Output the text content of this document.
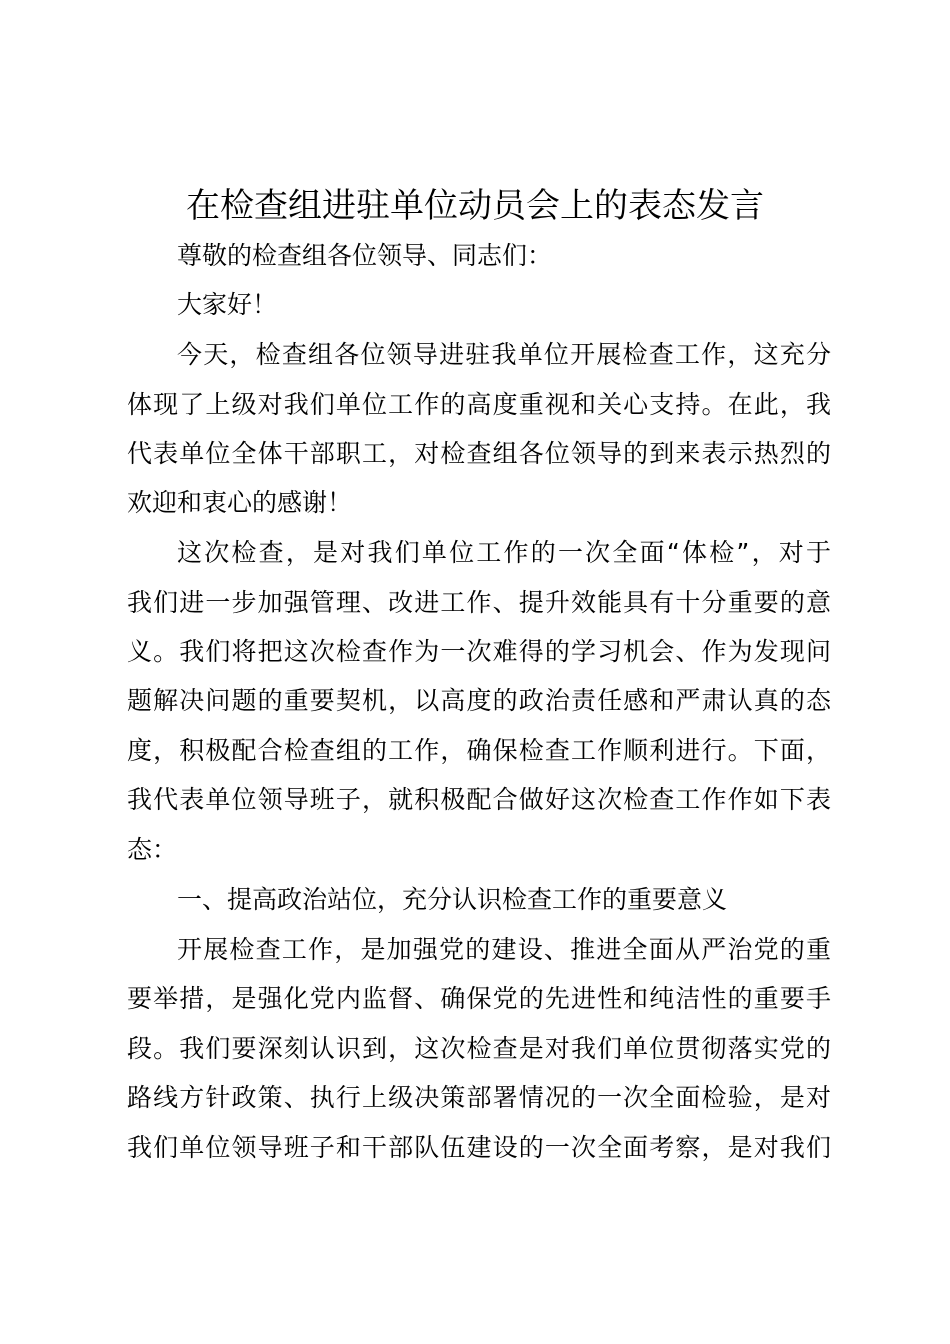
在检查组进驻单位动员会上的表态发言
尊敬的检查组各位领导、同志们：
大家好！
今天，检查组各位领导进驻我单位开展检查工作，这充分
体现了上级对我们单位工作的高度重视和关心支持。在此，我
代表单位全体干部职工，对检查组各位领导的到来表示热烈的
欢迎和衷心的感谢！
这次检查，是对我们单位工作的一次全面“体检”，对于
我们进一步加强管理、改进工作、提升效能具有十分重要的意
义。我们将把这次检查作为一次难得的学习机会、作为发现问
题解决问题的重要契机，以高度的政治责任感和严肃认真的态
度，积极配合检查组的工作，确保检查工作顺利进行。下面，
我代表单位领导班子，就积极配合做好这次检查工作作如下表
态：
一、提高政治站位，充分认识检查工作的重要意义
开展检查工作，是加强党的建设、推进全面从严治党的重
要举措，是强化党内监督、确保党的先进性和纯洁性的重要手
段。我们要深刻认识到，这次检查是对我们单位贯彻落实党的
路线方针政策、执行上级决策部署情况的一次全面检验，是对
我们单位领导班子和干部队伍建设的一次全面考察，是对我们
